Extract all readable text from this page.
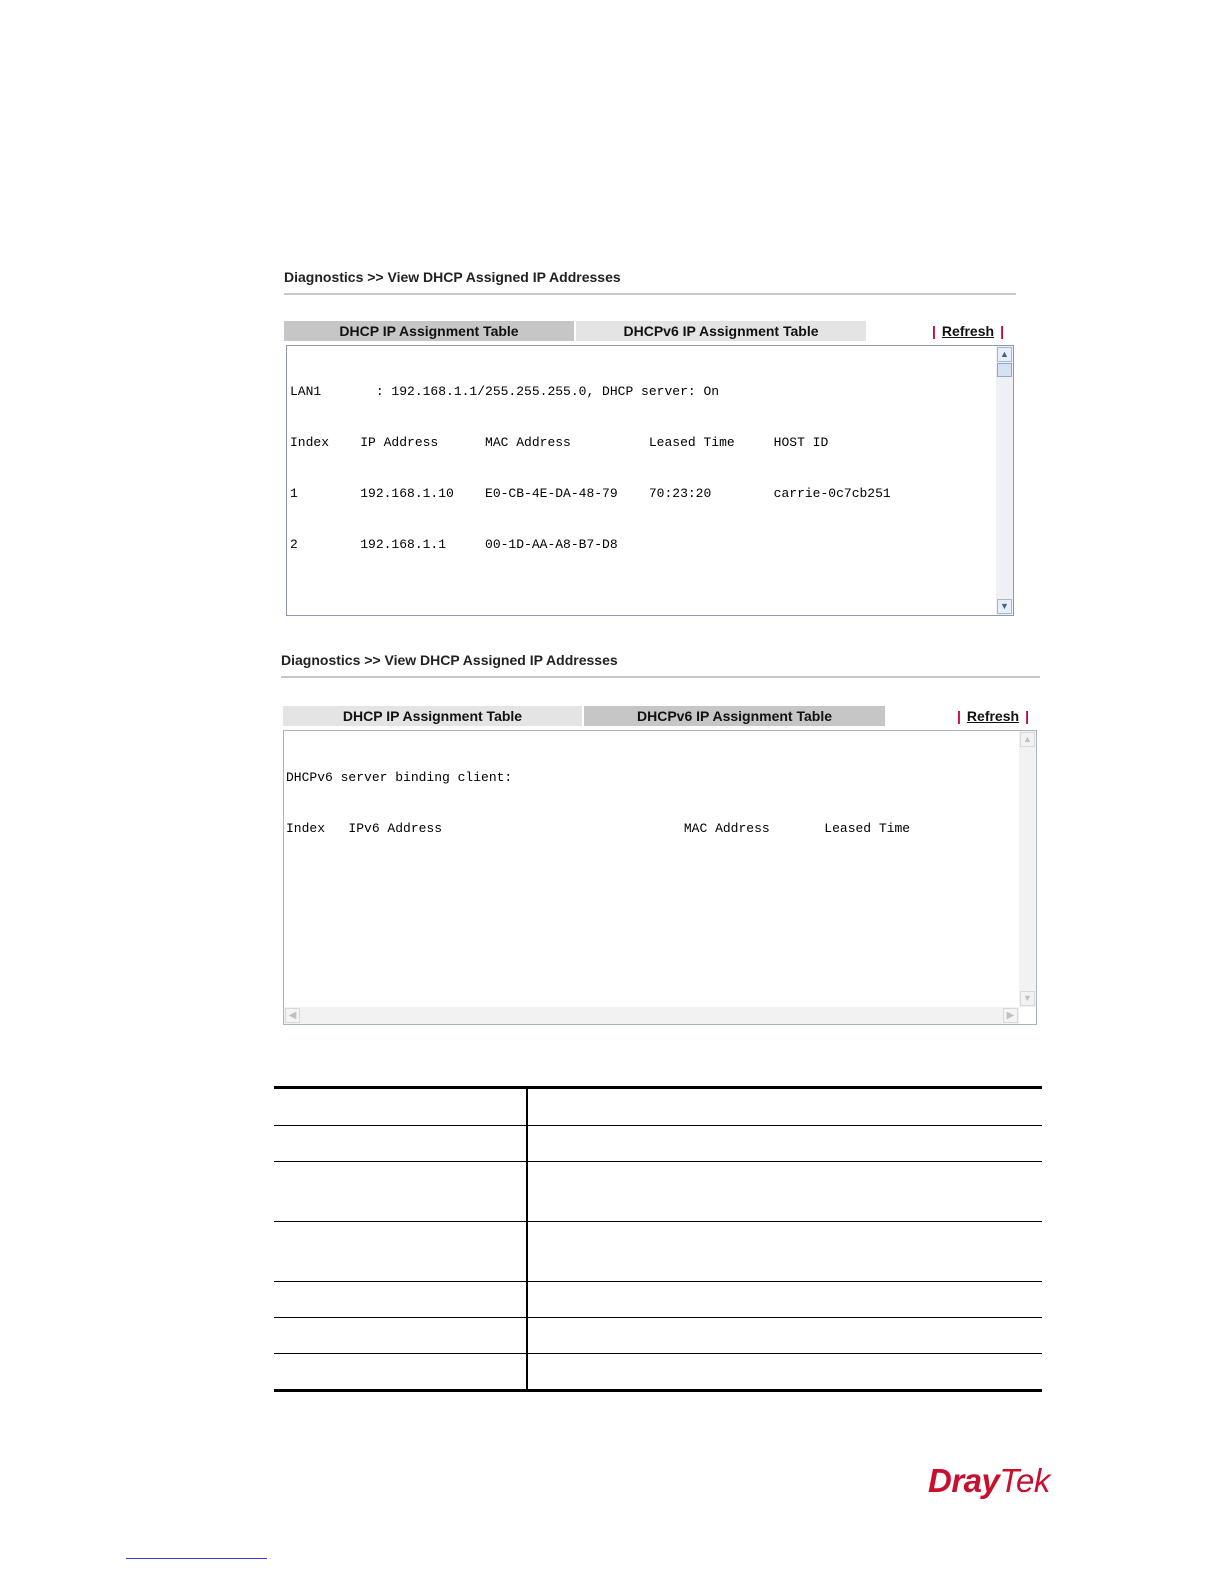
Diagnostics >> View DHCP Assigned IP Addresses
DHCP IP Assignment Table	DHCPv6 IP Assignment Table	| Refresh |

LAN1       : 192.168.1.1/255.255.255.0, DHCP server: On

Index    IP Address      MAC Address          Leased Time     HOST ID

1        192.168.1.10    E0-CB-4E-DA-48-79    70:23:20        carrie-0c7cb251

2        192.168.1.1     00-1D-AA-A8-B7-D8

▲
▼
Diagnostics >> View DHCP Assigned IP Addresses
DHCP IP Assignment Table	DHCPv6 IP Assignment Table	| Refresh |

DHCPv6 server binding client:

Index   IPv6 Address                               MAC Address       Leased Time

▲
▼
◀	▶

DrayTek
